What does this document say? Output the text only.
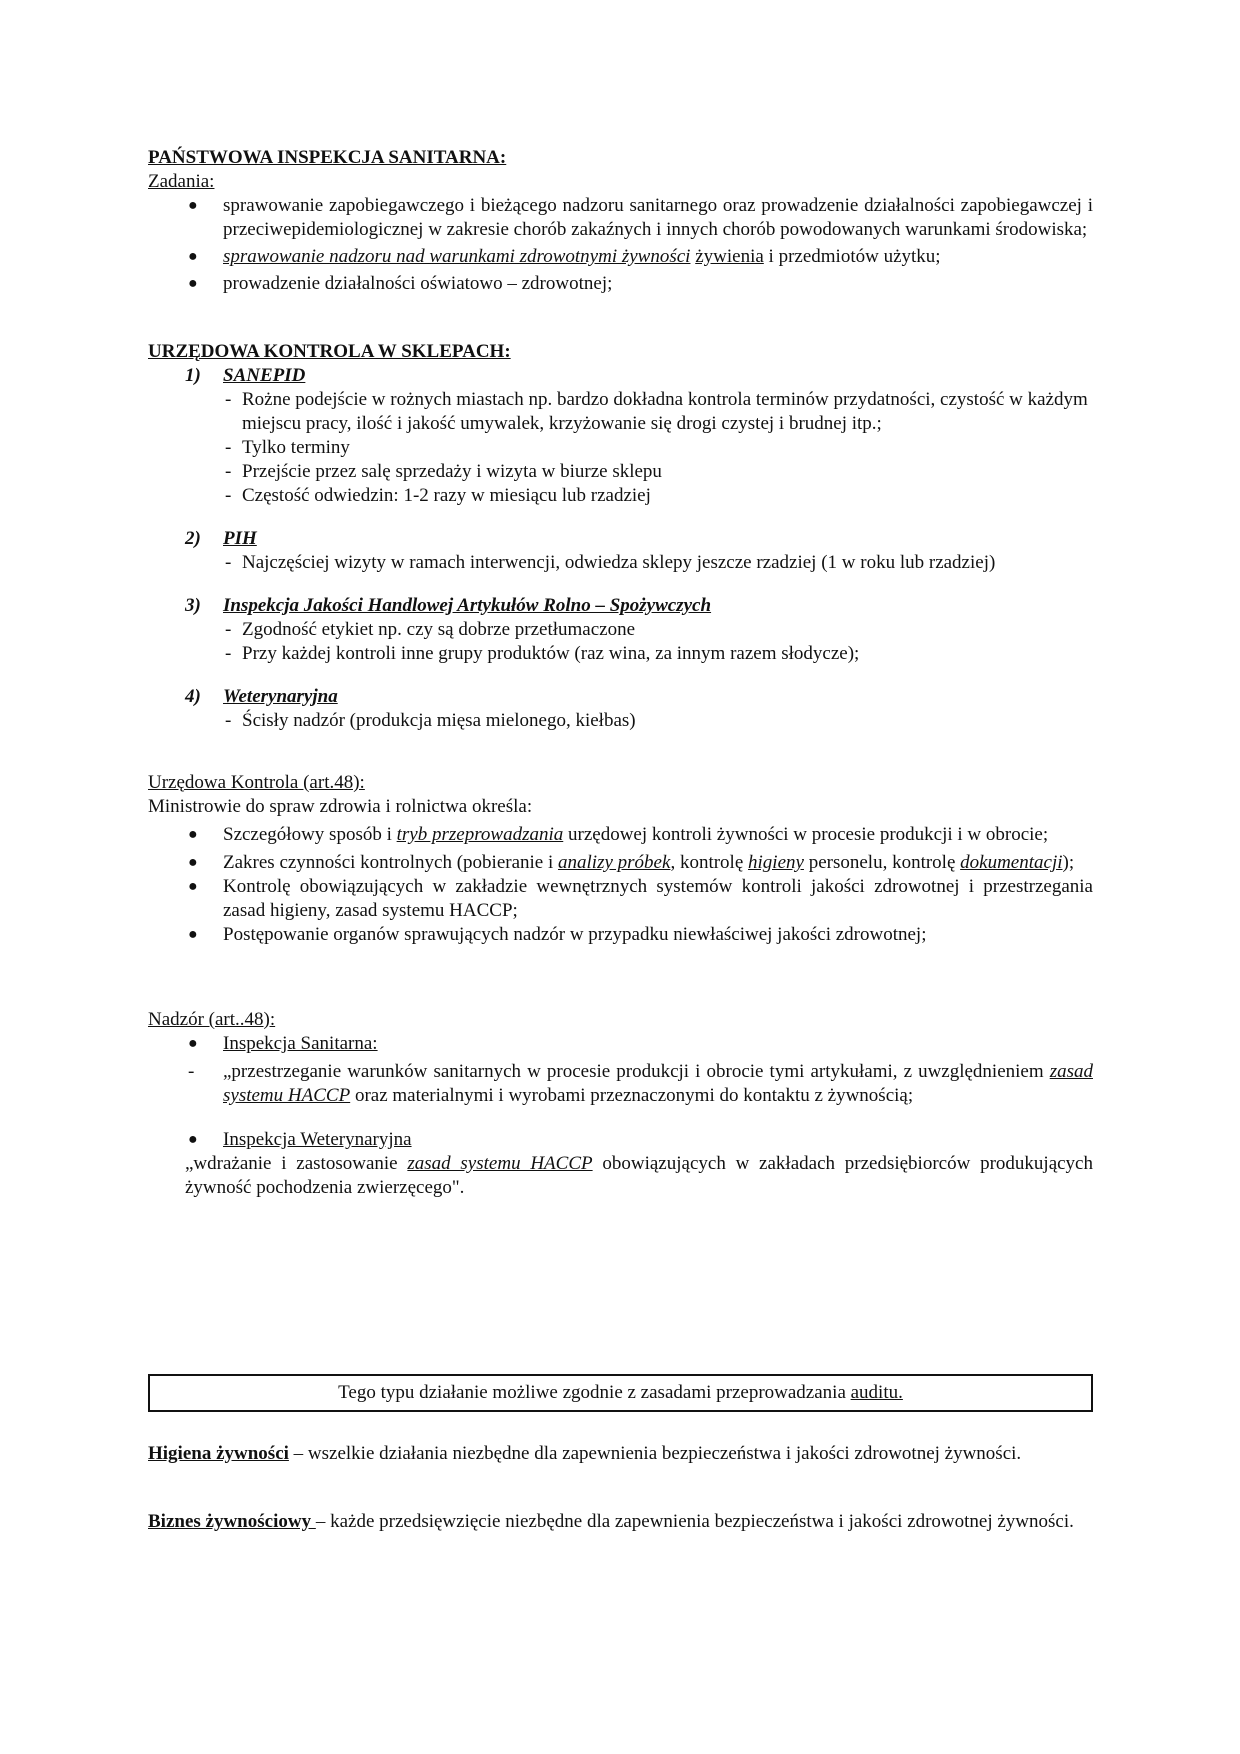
PAŃSTWOWA INSPEKCJA SANITARNA:

Zadania:

● sprawowanie zapobiegawczego i bieżącego nadzoru sanitarnego oraz prowadzenie działalności zapobiegawczej i przeciwepidemiologicznej w zakresie chorób zakaźnych i innych chorób powodowanych warunkami środowiska;
● sprawowanie nadzoru nad warunkami zdrowotnymi żywności żywienia i przedmiotów użytku;
● prowadzenie działalności oświatowo – zdrowotnej;

URZĘDOWA KONTROLA W SKLEPACH:

1) SANEPID
- Rożne podejście w rożnych miastach np. bardzo dokładna kontrola terminów przydatności, czystość w każdym miejscu pracy, ilość i jakość umywalek, krzyżowanie się drogi czystej i brudnej itp.;
- Tylko terminy
- Przejście przez salę sprzedaży i wizyta w biurze sklepu
- Częstość odwiedzin: 1-2 razy w miesiącu lub rzadziej
2) PIH
- Najczęściej wizyty w ramach interwencji, odwiedza sklepy jeszcze rzadziej (1 w roku lub rzadziej)
3) Inspekcja Jakości Handlowej Artykułów Rolno – Spożywczych
- Zgodność etykiet np. czy są dobrze przetłumaczone
- Przy każdej kontroli inne grupy produktów (raz wina, za innym razem słodycze);
4) Weterynaryjna
- Ścisły nadzór (produkcja mięsa mielonego, kiełbas)

Urzędowa Kontrola (art.48):

Ministrowie do spraw zdrowia i rolnictwa określa:

● Szczegółowy sposób i tryb przeprowadzania urzędowej kontroli żywności w procesie produkcji i w obrocie;
● Zakres czynności kontrolnych (pobieranie i analizy próbek, kontrolę higieny personelu, kontrolę dokumentacji);
● Kontrolę obowiązujących w zakładzie wewnętrznych systemów kontroli jakości zdrowotnej i przestrzegania zasad higieny, zasad systemu HACCP;
● Postępowanie organów sprawujących nadzór w przypadku niewłaściwej jakości zdrowotnej;

Nadzór (art..48):

● Inspekcja Sanitarna:
- „przestrzeganie warunków sanitarnych w procesie produkcji i obrocie tymi artykułami, z uwzględnieniem zasad systemu HACCP oraz materialnymi i wyrobami przeznaczonymi do kontaktu z żywnością;
● Inspekcja Weterynaryjna
„wdrażanie i zastosowanie zasad systemu HACCP obowiązujących w zakładach przedsiębiorców produkujących żywność pochodzenia zwierzęcego".
Tego typu działanie możliwe zgodnie z zasadami przeprowadzania auditu.
Higiena żywności – wszelkie działania niezbędne dla zapewnienia bezpieczeństwa i jakości zdrowotnej żywności.
Biznes żywnościowy – każde przedsięwzięcie niezbędne dla zapewnienia bezpieczeństwa i jakości zdrowotnej żywności.
